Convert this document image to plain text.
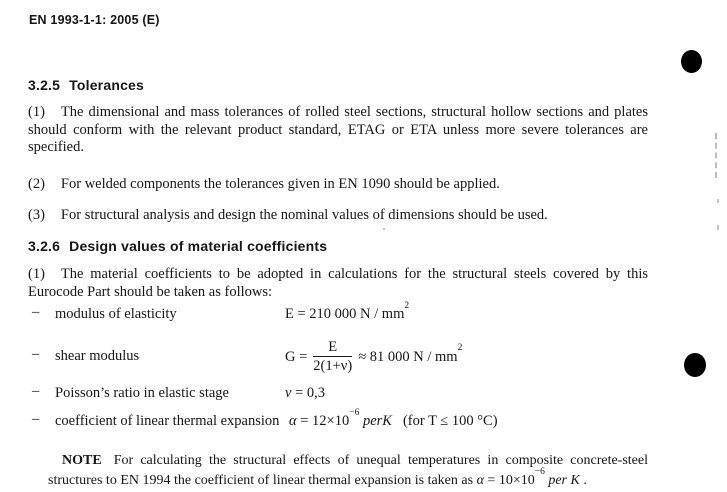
EN 1993-1-1: 2005 (E)
3.2.5 Tolerances

(1) The dimensional and mass tolerances of rolled steel sections, structural hollow sections and plates should conform with the relevant product standard, ETAG or ETA unless more severe tolerances are specified.

(2) For welded components the tolerances given in EN 1090 should be applied.

(3) For structural analysis and design the nominal values of dimensions should be used.

3.2.6 Design values of material coefficients

(1) The material coefficients to be adopted in calculations for the structural steels covered by this Eurocode Part should be taken as follows:

– modulus of elasticity	E = 210 000 N / $mm^2$
– shear modulus	$G = \frac{E}{2(1+\nu)} \approx 81$ 000 N / $mm^2$
– Poisson’s ratio in elastic stage	ν = 0,3
– coefficient of linear thermal expansion $\alpha = 12\times 10^{-6}$ perK (for T ≤ 100 °C)

NOTE For calculating the structural effects of unequal temperatures in composite concrete-steel structures to EN 1994 the coefficient of linear thermal expansion is taken as $\alpha = 10\times 10^{-6}$ per K .
